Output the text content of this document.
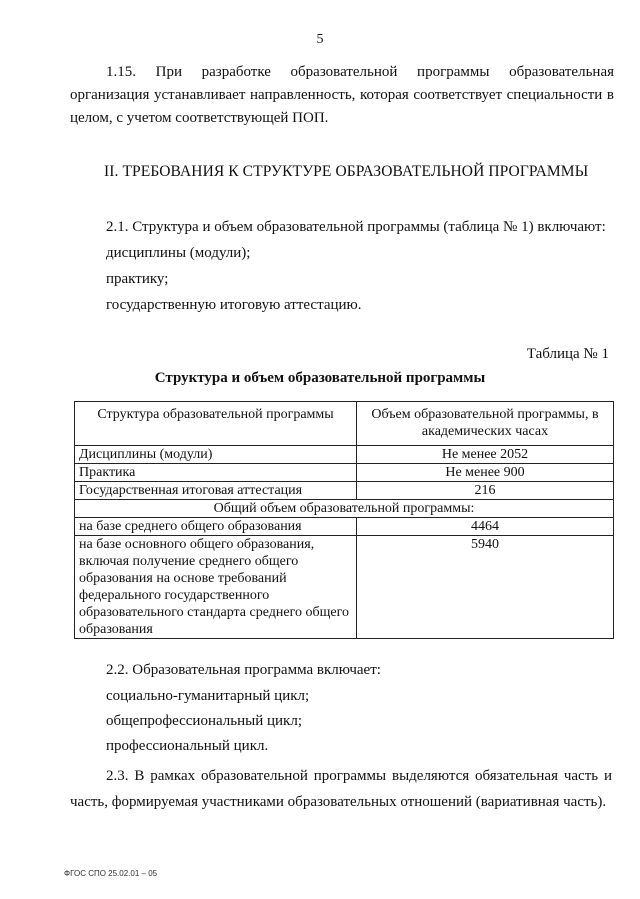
5
1.15. При разработке образовательной программы образовательная организация устанавливает направленность, которая соответствует специальности в целом, с учетом соответствующей ПОП.
II. ТРЕБОВАНИЯ К СТРУКТУРЕ ОБРАЗОВАТЕЛЬНОЙ ПРОГРАММЫ
2.1. Структура и объем образовательной программы (таблица № 1) включают:
дисциплины (модули);
практику;
государственную итоговую аттестацию.
Таблица № 1
Структура и объем образовательной программы
Структура образовательной программы	Объем образовательной программы, в академических часах
Дисциплины (модули)	Не менее 2052
Практика	Не менее 900
Государственная итоговая аттестация	216
Общий объем образовательной программы:	
на базе среднего общего образования	4464
на базе основного общего образования, включая получение среднего общего образования на основе требований федерального государственного образовательного стандарта среднего общего образования	5940
2.2. Образовательная программа включает:
социально-гуманитарный цикл;
общепрофессиональный цикл;
профессиональный цикл.
2.3. В рамках образовательной программы выделяются обязательная часть и часть, формируемая участниками образовательных отношений (вариативная часть).
ФГОС СПО 25.02.01 – 05
